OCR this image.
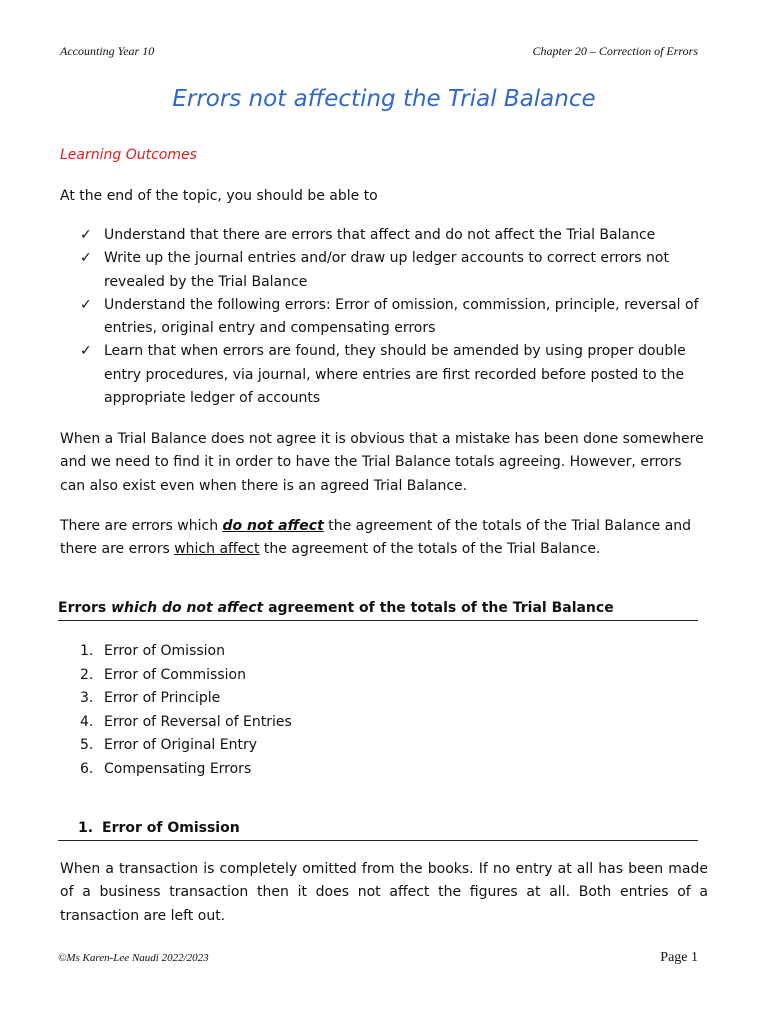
Accounting Year 10	Chapter 20 – Correction of Errors
Errors not affecting the Trial Balance
Learning Outcomes
At the end of the topic, you should be able to
✓ Understand that there are errors that affect and do not affect the Trial Balance
✓ Write up the journal entries and/or draw up ledger accounts to correct errors not revealed by the Trial Balance
✓ Understand the following errors: Error of omission, commission, principle, reversal of entries, original entry and compensating errors
✓ Learn that when errors are found, they should be amended by using proper double entry procedures, via journal, where entries are first recorded before posted to the appropriate ledger of accounts

When a Trial Balance does not agree it is obvious that a mistake has been done somewhere and we need to find it in order to have the Trial Balance totals agreeing. However, errors can also exist even when there is an agreed Trial Balance.

There are errors which do not affect the agreement of the totals of the Trial Balance and there are errors which affect the agreement of the totals of the Trial Balance.

Errors which do not affect agreement of the totals of the Trial Balance
1. Error of Omission
2. Error of Commission
3. Error of Principle
4. Error of Reversal of Entries
5. Error of Original Entry
6. Compensating Errors
1. Error of Omission

When a transaction is completely omitted from the books. If no entry at all has been made of a business transaction then it does not affect the figures at all. Both entries of a transaction are left out.

©Ms Karen-Lee Naudi 2022/2023	Page 1
